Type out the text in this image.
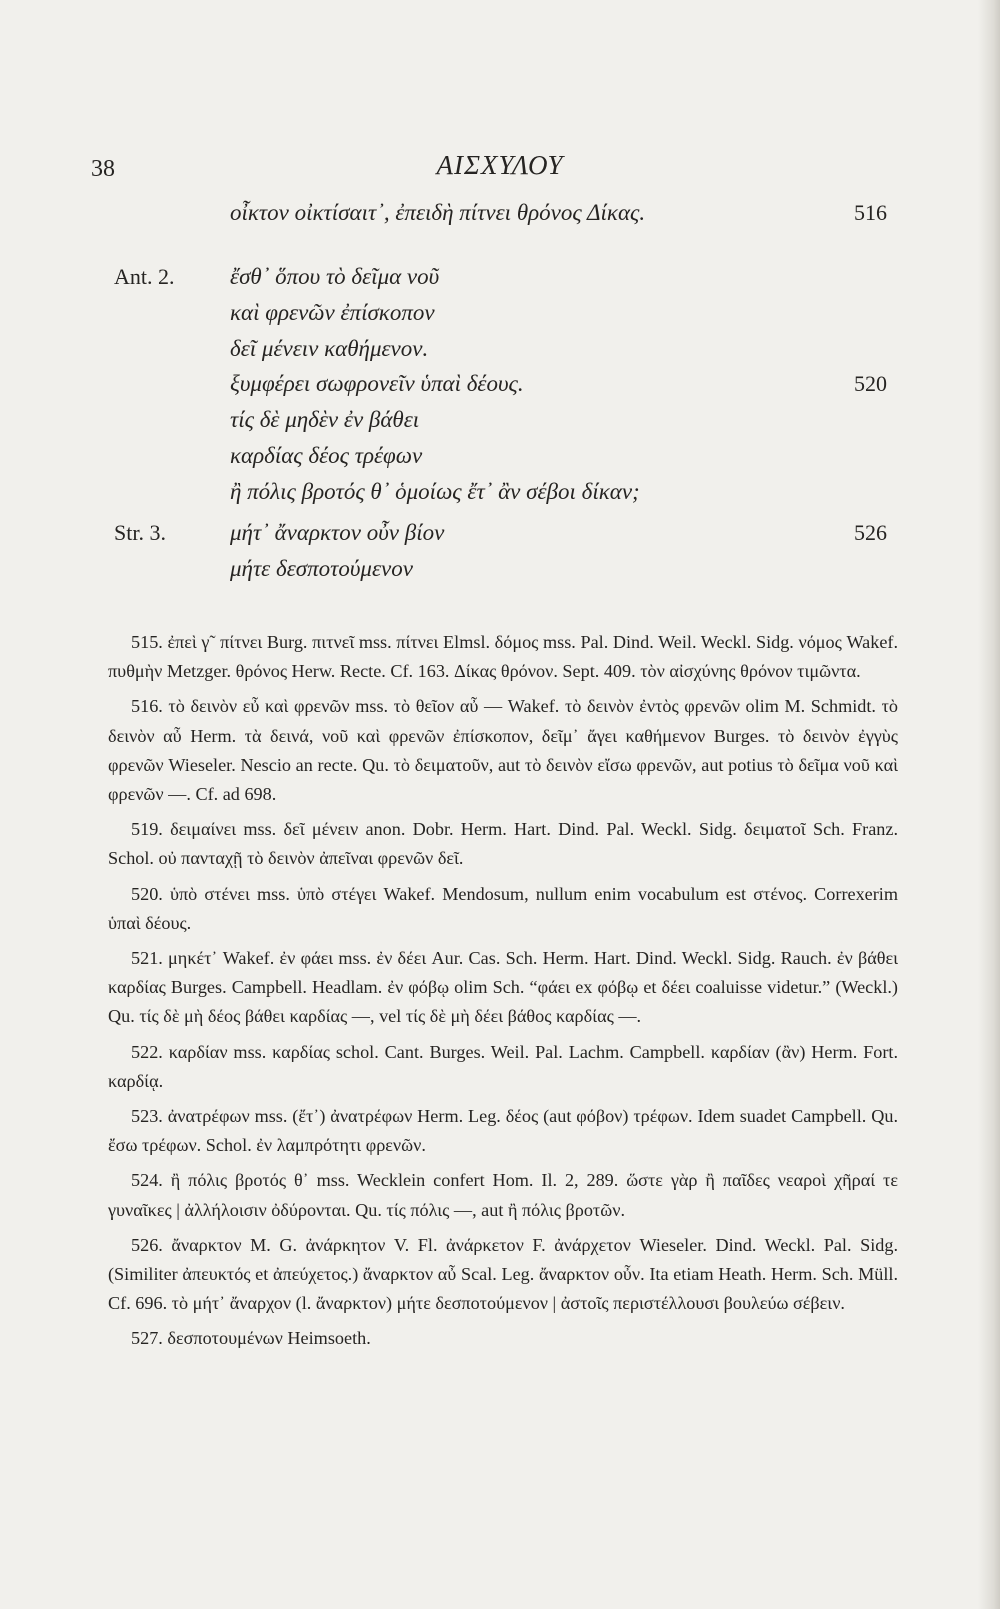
38	ΑΙΣΧΥΛΟΥ
οἶκτον οἰκτίσαιτ᾽, ἐπειδὴ πίτνει θρόνος Δίκας.	516
Ant. 2. ἔσθ᾽ ὅπου τὸ δεῖμα νοῦ
καὶ φρενῶν ἐπίσκοπον
δεῖ μένειν καθήμενον.
ξυμφέρει σωφρονεῖν ὑπαὶ δέους.	520
τίς δὲ μηδὲν ἐν βάθει
καρδίας δέος τρέφων
ἢ πόλις βροτός θ᾽ ὁμοίως ἔτ᾽ ἂν σέβοι δίκαν;
Str. 3.	μήτ᾽ ἄναρκτον οὖν βίον	526
μήτε δεσποτούμενον

515. ἐπεὶ γ῀ πίτνει Burg. πιτνεῖ mss. πίτνει Elmsl. δόμος mss. Pal. Dind. Weil. Weckl. Sidg. νόμος Wakef. πυθμὴν Metzger. θρόνος Herw. Recte. Cf. 163. Δίκας θρόνον. Sept. 409. τὸν αἰσχύνης θρόνον τιμῶντα.

516. τὸ δεινὸν εὖ καὶ φρενῶν mss. τὸ θεῖον αὖ — Wakef. τὸ δεινὸν ἐντὸς φρενῶν olim M. Schmidt. τὸ δεινὸν αὖ Herm. τὰ δεινά, νοῦ καὶ φρενῶν ἐπίσκοπον, δεῖμ᾽ ἄγει καθήμενον Burges. τὸ δεινὸν ἐγγὺς φρενῶν Wieseler. Nescio an recte. Qu. τὸ δειματοῦν, aut τὸ δεινὸν εἴσω φρενῶν, aut potius τὸ δεῖμα νοῦ καὶ φρενῶν —. Cf. ad 698.

519. δειμαίνει mss. δεῖ μένειν anon. Dobr. Herm. Hart. Dind. Pal. Weckl. Sidg. δειματοῖ Sch. Franz. Schol. οὐ πανταχῇ τὸ δεινὸν ἀπεῖναι φρενῶν δεῖ.

520. ὑπὸ στένει mss. ὑπὸ στέγει Wakef. Mendosum, nullum enim vocabulum est στένος. Correxerim ὑπαὶ δέους.

521. μηκέτ᾽ Wakef. ἐν φάει mss. ἐν δέει Aur. Cas. Sch. Herm. Hart. Dind. Weckl. Sidg. Rauch. ἐν βάθει καρδίας Burges. Campbell. Headlam. ἐν φόβῳ olim Sch. “φάει ex φόβῳ et δέει coaluisse videtur.” (Weckl.) Qu. τίς δὲ μὴ δέος βάθει καρδίας —, vel τίς δὲ μὴ δέει βάθος καρδίας —.

522. καρδίαν mss. καρδίας schol. Cant. Burges. Weil. Pal. Lachm. Campbell. καρδίαν (ἂν) Herm. Fort. καρδίᾳ.

523. ἀνατρέφων mss. (ἔτ᾽) ἀνατρέφων Herm. Leg. δέος (aut φόβον) τρέφων. Idem suadet Campbell. Qu. ἔσω τρέφων. Schol. ἐν λαμπρότητι φρενῶν.

524. ἢ πόλις βροτός θ᾽ mss. Wecklein confert Hom. Il. 2, 289. ὥστε γὰρ ἢ παῖδες νεαροὶ χῆραί τε γυναῖκες | ἀλλήλοισιν ὀδύρονται. Qu. τίς πόλις —, aut ἢ πόλις βροτῶν.

526. ἄναρκτον M. G. ἀνάρκητον V. Fl. ἀνάρκετον F. ἀνάρχετον Wieseler. Dind. Weckl. Pal. Sidg. (Similiter ἀπευκτός et ἀπεύχετος.) ἄναρκτον αὖ Scal. Leg. ἄναρκτον οὖν. Ita etiam Heath. Herm. Sch. Müll. Cf. 696. τὸ μήτ᾽ ἄναρχον (l. ἄναρκτον) μήτε δεσποτούμενον | ἀστοῖς περιστέλλουσι βουλεύω σέβειν.

527. δεσποτουμένων Heimsoeth.
